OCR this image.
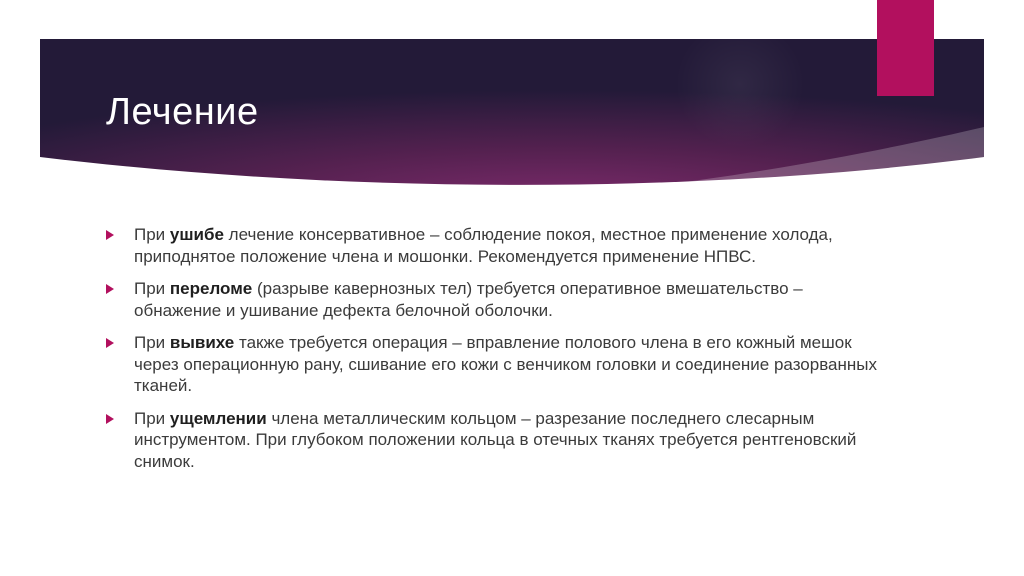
Лечение
При ушибе лечение консервативное – соблюдение покоя, местное применение холода, приподнятое положение члена и мошонки. Рекомендуется применение НПВС.
При переломе (разрыве кавернозных тел) требуется оперативное вмешательство – обнажение и ушивание дефекта белочной оболочки.
При вывихе также требуется операция – вправление полового члена в его кожный мешок через операционную рану, сшивание его кожи с венчиком головки и соединение разорванных тканей.
При ущемлении члена металлическим кольцом – разрезание последнего слесарным инструментом. При глубоком положении кольца в отечных тканях требуется рентгеновский снимок.
